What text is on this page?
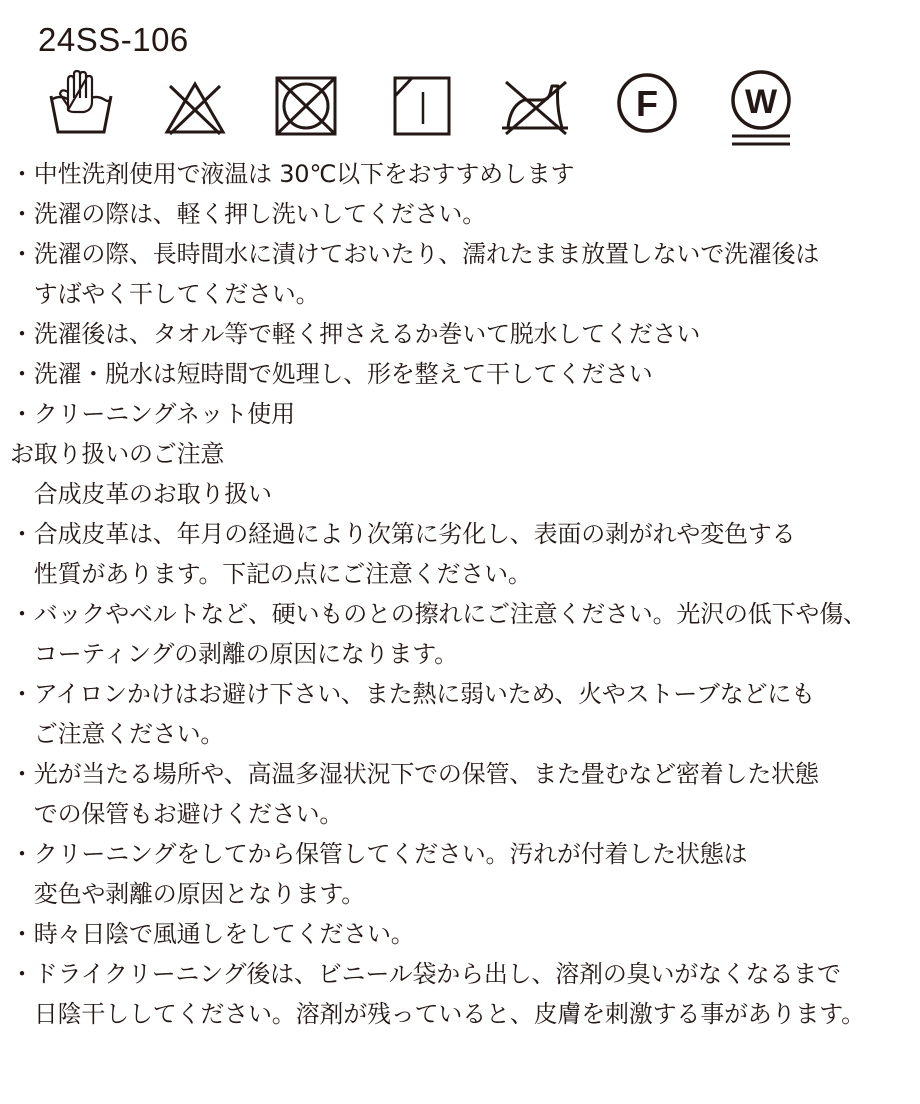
24SS-106
F	W
・中性洗剤使用で液温は 30℃以下をおすすめします
・洗濯の際は、軽く押し洗いしてください。
・洗濯の際、長時間水に漬けておいたり、濡れたまま放置しないで洗濯後は
　すばやく干してください。
・洗濯後は、タオル等で軽く押さえるか巻いて脱水してください
・洗濯・脱水は短時間で処理し、形を整えて干してください
・クリーニングネット使用
お取り扱いのご注意
　合成皮革のお取り扱い
・合成皮革は、年月の経過により次第に劣化し、表面の剥がれや変色する
　性質があります。下記の点にご注意ください。
・バックやベルトなど、硬いものとの擦れにご注意ください。光沢の低下や傷、
　コーティングの剥離の原因になります。
・アイロンかけはお避け下さい、また熱に弱いため、火やストーブなどにも
　ご注意ください。
・光が当たる場所や、高温多湿状況下での保管、また畳むなど密着した状態
　での保管もお避けください。
・クリーニングをしてから保管してください。汚れが付着した状態は
　変色や剥離の原因となります。
・時々日陰で風通しをしてください。
・ドライクリーニング後は、ビニール袋から出し、溶剤の臭いがなくなるまで
　日陰干ししてください。溶剤が残っていると、皮膚を刺激する事があります。
